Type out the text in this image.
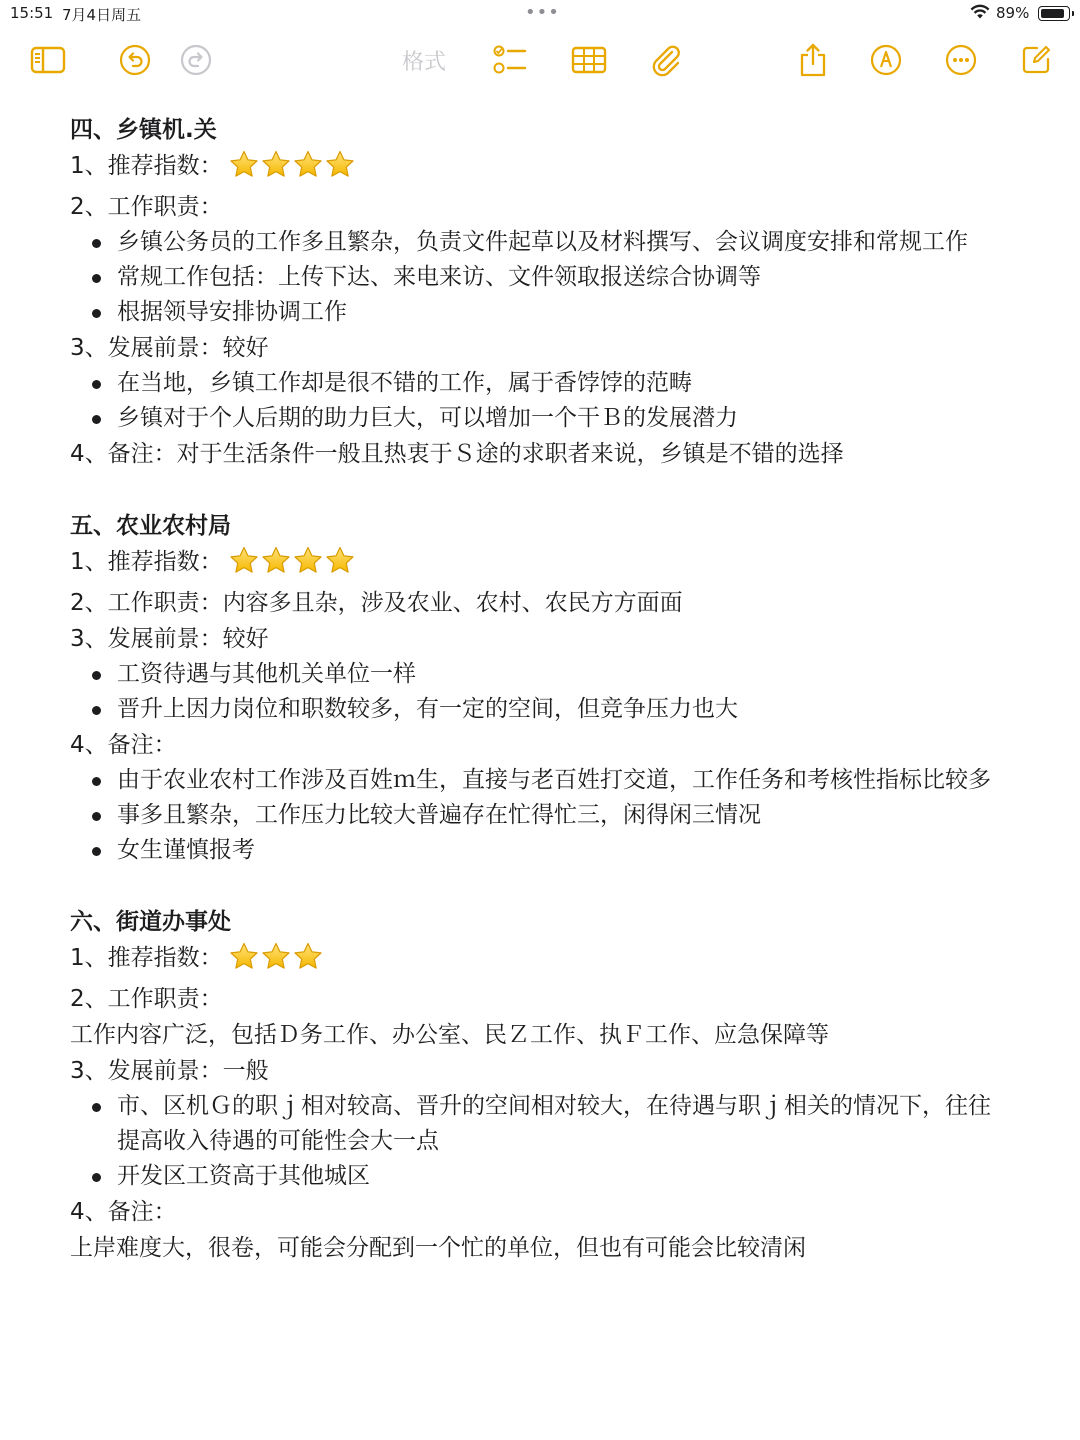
15:51 7月4日周五	•••	89%
格式
四、乡镇机.关
1、推荐指数：
2、工作职责：
乡镇公务员的工作多且繁杂，负责文件起草以及材料撰写、会议调度安排和常规工作
常规工作包括：上传下达、来电来访、文件领取报送综合协调等
根据领导安排协调工作
3、发展前景：较好
在当地，乡镇工作却是很不错的工作，属于香饽饽的范畴
乡镇对于个人后期的助力巨大，可以增加一个干Ｂ的发展潜力
4、备注：对于生活条件一般且热衷于Ｓ途的求职者来说，乡镇是不错的选择
五、农业农村局
1、推荐指数：
2、工作职责：内容多且杂，涉及农业、农村、农民方方面面
3、发展前景：较好
工资待遇与其他机关单位一样
晋升上因力岗位和职数较多，有一定的空间，但竞争压力也大
4、备注：
由于农业农村工作涉及百姓ｍ生，直接与老百姓打交道，工作任务和考核性指标比较多
事多且繁杂，工作压力比较大普遍存在忙得忙三，闲得闲三情况
女生谨慎报考
六、街道办事处
1、推荐指数：
2、工作职责：
工作内容广泛，包括Ｄ务工作、办公室、民Ｚ工作、执Ｆ工作、应急保障等
3、发展前景：一般
市、区机Ｇ的职ｊ相对较高、晋升的空间相对较大，在待遇与职ｊ相关的情况下，往往提高收入待遇的可能性会大一点
开发区工资高于其他城区
4、备注：
上岸难度大，很卷，可能会分配到一个忙的单位，但也有可能会比较清闲
